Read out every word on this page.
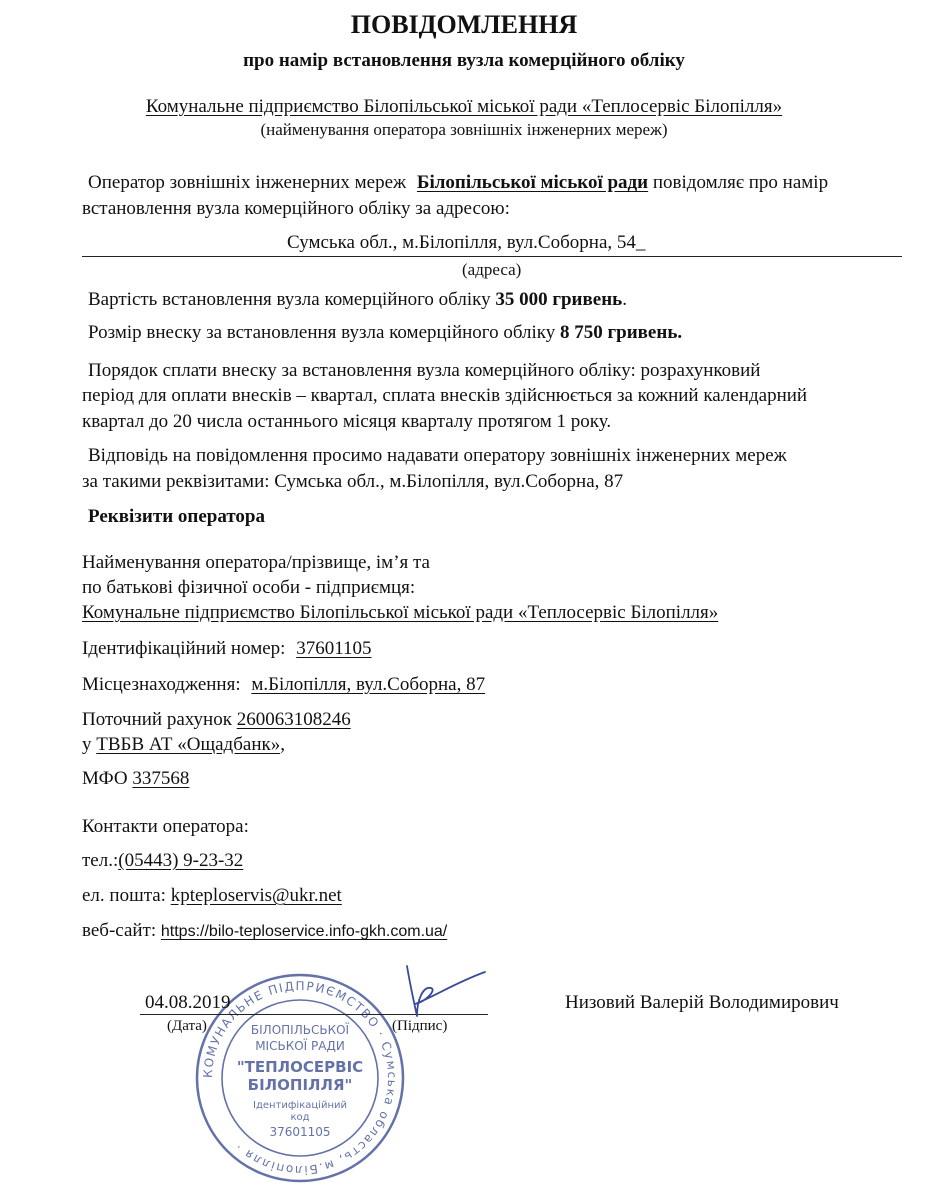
ПОВІДОМЛЕННЯ
про намір встановлення вузла комерційного обліку
Комунальне підприємство Білопільської міської ради «Теплосервіс Білопілля»
(найменування оператора зовнішніх інженерних мереж)
Оператор зовнішніх інженерних мереж Білопільської міської ради повідомляє про намір
встановлення вузла комерційного обліку за адресою:
Сумська обл., м.Білопілля, вул.Соборна, 54_
(адреса)
Вартість встановлення вузла комерційного обліку 35 000 гривень.
Розмір внеску за встановлення вузла комерційного обліку 8 750 гривень.
Порядок сплати внеску за встановлення вузла комерційного обліку: розрахунковий
період для оплати внесків – квартал, сплата внесків здійснюється за кожний календарний
квартал до 20 числа останнього місяця кварталу протягом 1 року.
Відповідь на повідомлення просимо надавати оператору зовнішніх інженерних мереж
за такими реквізитами: Сумська обл., м.Білопілля, вул.Соборна, 87
Реквізити оператора
Найменування оператора/прізвище, ім’я та
по батькові фізичної особи - підприємця:
Комунальне підприємство Білопільської міської ради «Теплосервіс Білопілля»
Ідентифікаційний номер: 37601105
Місцезнаходження: м.Білопілля, вул.Соборна, 87
Поточний рахунок 260063108246
у ТВБВ АТ «Ощадбанк»,
МФО 337568
Контакти оператора:
тел.:(05443) 9-23-32
ел. пошта: kpteploservis@ukr.net
веб-сайт: https://bilo-teploservice.info-gkh.com.ua/
КОМУНАЛЬНЕ ПІДПРИЄМСТВО · Сумська область, м.Білопілля ·
БІЛОПІЛЬСЬКОЇ
МІСЬКОЇ РАДИ
"ТЕПЛОСЕРВІС
БІЛОПІЛЛЯ"
Ідентифікаційний
код
37601105
04.08.2019
(Дата)	(Підпис)
Низовий Валерій Володимирович
